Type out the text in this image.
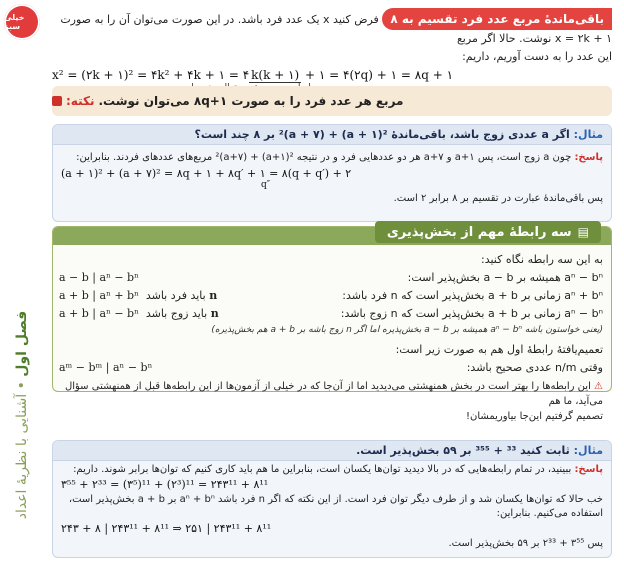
خیلی سبز
فصل اول • آشنایی با نظریهٔ اعداد
باقی‌ماندهٔ مربع عدد فرد تقسیم به ۸ فرض کنید x یک عدد فرد باشد. در این صورت می‌توان آن را به صورت x = ۲k + ۱ نوشت. حالا اگر مربع
این عدد را به دست آوریم، داریم:
x² = (۲k + ۱)² = ۴k² + ۴k + ۱ = ۴ k(k + ۱) + ۱ = ۴(۲q) + ۱ = ۸q + ۱
مربع هر عدد فرد را به صورت ۸q+۱ می‌توان نوشت.
نکته:
مثال: اگر a عددی زوج باشد، باقی‌ماندهٔ ²(a + ۱) + ²(a + ۷) بر ۸ چند است؟
پاسخ: چون a زوج است، پس a+۱ و a+۷ هر دو عددهایی فرد و در نتیجه ²(a+۱) + ²(a+۷) مربع‌های عددهای فردند. بنابراین:
(a + ۱)² + (a + ۷)² = ۸q + ۱ + ۸q′ + ۱ = ۸(q + q′) + ۲
q″
پس باقی‌ماندهٔ عبارت در تقسیم بر ۸ برابر ۲ است.
سه رابطهٔ مهم از بخش‌پذیری ▤
به این سه رابطه نگاه کنید:
aⁿ − bⁿ همیشه بر a − b بخش‌پذیر است:
a − b | aⁿ − bⁿ
aⁿ + bⁿ زمانی بر a + b بخش‌پذیر است که n فرد باشد:
a + b | aⁿ + bⁿ باید فرد باشد n
aⁿ − bⁿ زمانی بر a + b بخش‌پذیر است که n زوج باشد:
a + b | aⁿ − bⁿ باید زوج باشد n
(یعنی خواستون باشه aⁿ − bⁿ همیشه بر a − b بخش‌پذیره اما اگر n زوج باشه بر a + b هم بخش‌پذیره)
تعمیم‌یافتهٔ رابطهٔ اول هم به صورت زیر است:
وقتی n/m عددی صحیح باشد:
aᵐ − bᵐ | aⁿ − bⁿ
⚠ این رابطه‌ها را بهتر است در بخش همنهشتی می‌دیدید اما از آن‌جا که در خیلی از آزمون‌ها از این رابطه‌ها قبل از همنهشتی سؤال می‌آید، ما هم
تصمیم گرفتیم این‌جا بیاوریمشان!
مثال: ثابت کنید ³³ + ³⁵⁵ بر ۵۹ بخش‌پذیر است.
پاسخ: ببینید، در تمام رابطه‌هایی که در بالا دیدید توان‌ها یکسان است، بنابراین ما هم باید کاری کنیم که توان‌ها برابر شوند. داریم:
۳⁵⁵ + ۲³³ = (۳⁵)¹¹ + (۲³)¹¹ = ۲۴۳¹¹ + ۸¹¹
خب حالا که توان‌ها یکسان شد و از طرف دیگر توان فرد است. از این نکته که اگر n فرد باشد aⁿ + bⁿ بر a + b بخش‌پذیر است، استفاده می‌کنیم. بنابراین:
۲۴۳ + ۸ | ۲۴۳¹¹ + ۸¹¹ ⇒ ۲۵۱ | ۲۴۳¹¹ + ۸¹¹
پس ۳⁵⁵ + ۲³³ بر ۵۹ بخش‌پذیر است.
